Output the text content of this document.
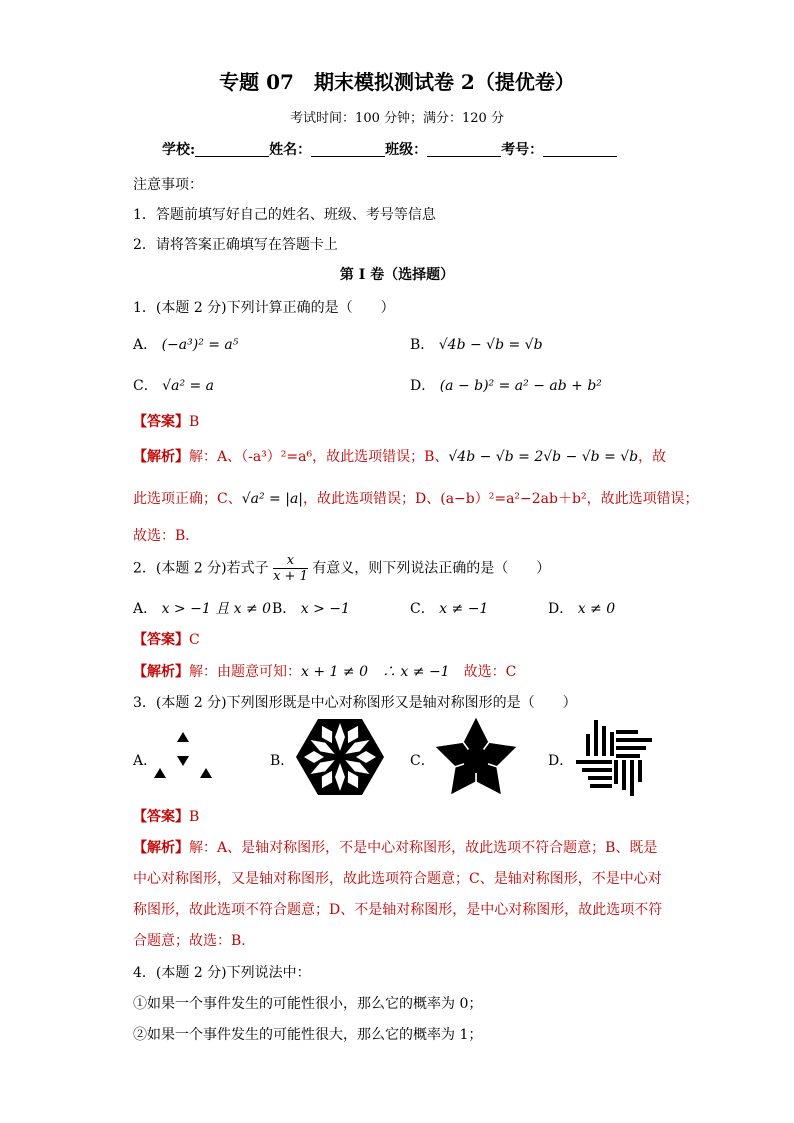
专题 07　期末模拟测试卷 2（提优卷）
考试时间：100 分钟；满分：120 分
学校:	姓名：	班级：	考号：
注意事项：
1．答题前填写好自己的姓名、班级、考号等信息
2．请将答案正确填写在答题卡上
第 I 卷（选择题）
1．(本题 2 分)下列计算正确的是（　　）
A． (−a³)² = a⁵	B． √4b − √b = √b
C． √a² = a	D． (a − b)² = a² − ab + b²
【答案】B
【解析】解：A、（-a³）²=a⁶，故此选项错误；B、√4b − √b = 2√b − √b = √b，故
此选项正确；C、√a² = |a|，故此选项错误；D、(a−b）²=a²−2ab＋b²，故此选项错误；
故选：B．
2．(本题 2 分)若式子 $\frac{x}{x + 1}$ 有意义，则下列说法正确的是（　　）
A． x > −1 且 x ≠ 0 B． x > −1	C． x ≠ −1	D． x ≠ 0
【答案】C
【解析】解：由题意可知：x + 1 ≠ 0　∴ x ≠ −1　 故选：C
3．(本题 2 分)下列图形既是中心对称图形又是轴对称图形的是（　　）
A．	B．	C．	D．
【答案】B
【解析】解：A、是轴对称图形，不是中心对称图形，故此选项不符合题意；B、既是
中心对称图形，又是轴对称图形，故此选项符合题意；C、是轴对称图形，不是中心对
称图形，故此选项不符合题意；D、不是轴对称图形，是中心对称图形，故此选项不符
合题意；故选：B．
4．(本题 2 分)下列说法中：
①如果一个事件发生的可能性很小，那么它的概率为 0；
②如果一个事件发生的可能性很大，那么它的概率为 1；
